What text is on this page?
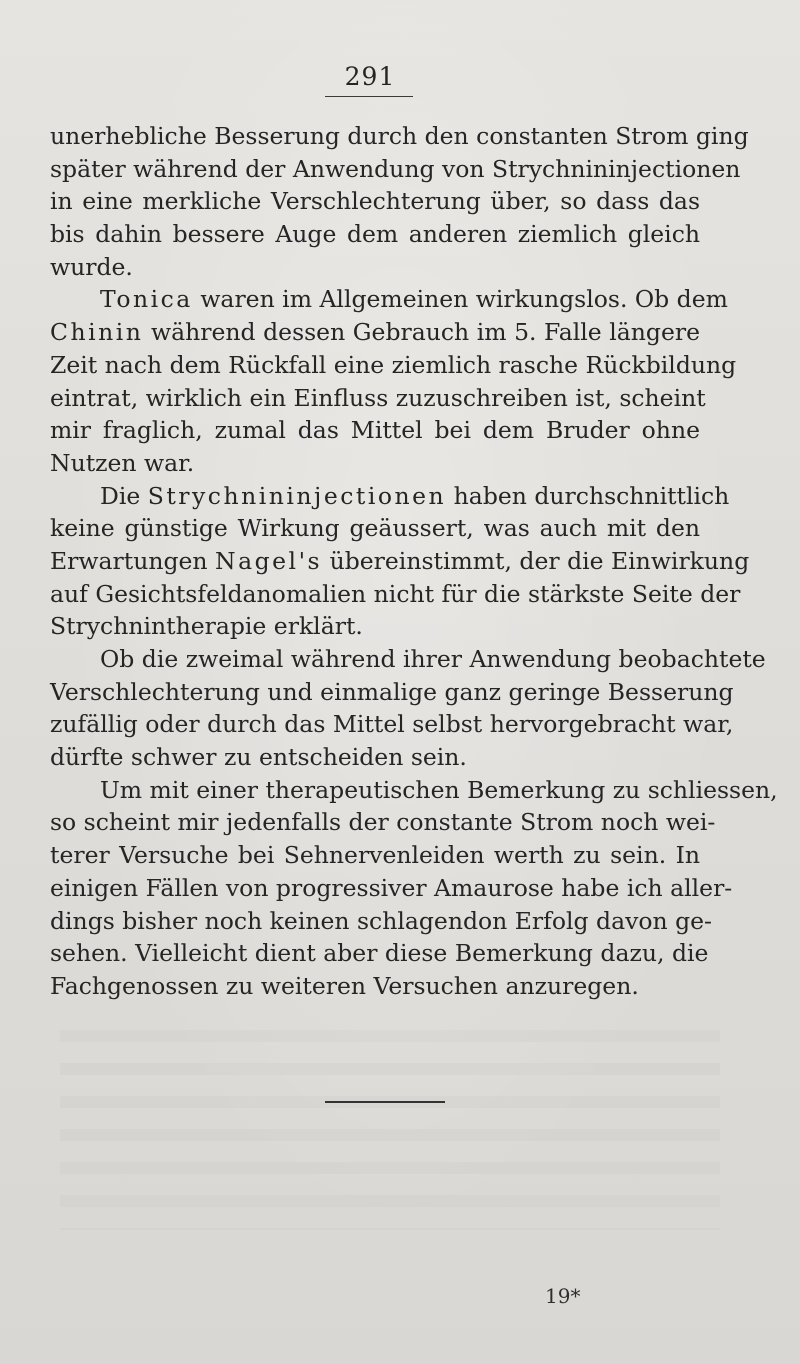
291
unerhebliche Besserung durch den constanten Strom ging
später während der Anwendung von Strychnininjectionen
in eine merkliche Verschlechterung über, so dass das
bis dahin bessere Auge dem anderen ziemlich gleich
wurde.
Tonica waren im Allgemeinen wirkungslos. Ob dem
Chinin während dessen Gebrauch im 5. Falle längere
Zeit nach dem Rückfall eine ziemlich rasche Rückbildung
eintrat, wirklich ein Einfluss zuzuschreiben ist, scheint
mir fraglich, zumal das Mittel bei dem Bruder ohne
Nutzen war.
Die Strychnininjectionen haben durchschnittlich
keine günstige Wirkung geäussert, was auch mit den
Erwartungen Nagel's übereinstimmt, der die Einwirkung
auf Gesichtsfeldanomalien nicht für die stärkste Seite der
Strychnintherapie erklärt.
Ob die zweimal während ihrer Anwendung beobachtete
Verschlechterung und einmalige ganz geringe Besserung
zufällig oder durch das Mittel selbst hervorgebracht war,
dürfte schwer zu entscheiden sein.
Um mit einer therapeutischen Bemerkung zu schliessen,
so scheint mir jedenfalls der constante Strom noch wei-
terer Versuche bei Sehnervenleiden werth zu sein. In
einigen Fällen von progressiver Amaurose habe ich aller-
dings bisher noch keinen schlagendon Erfolg davon ge-
sehen. Vielleicht dient aber diese Bemerkung dazu, die
Fachgenossen zu weiteren Versuchen anzuregen.
19*
